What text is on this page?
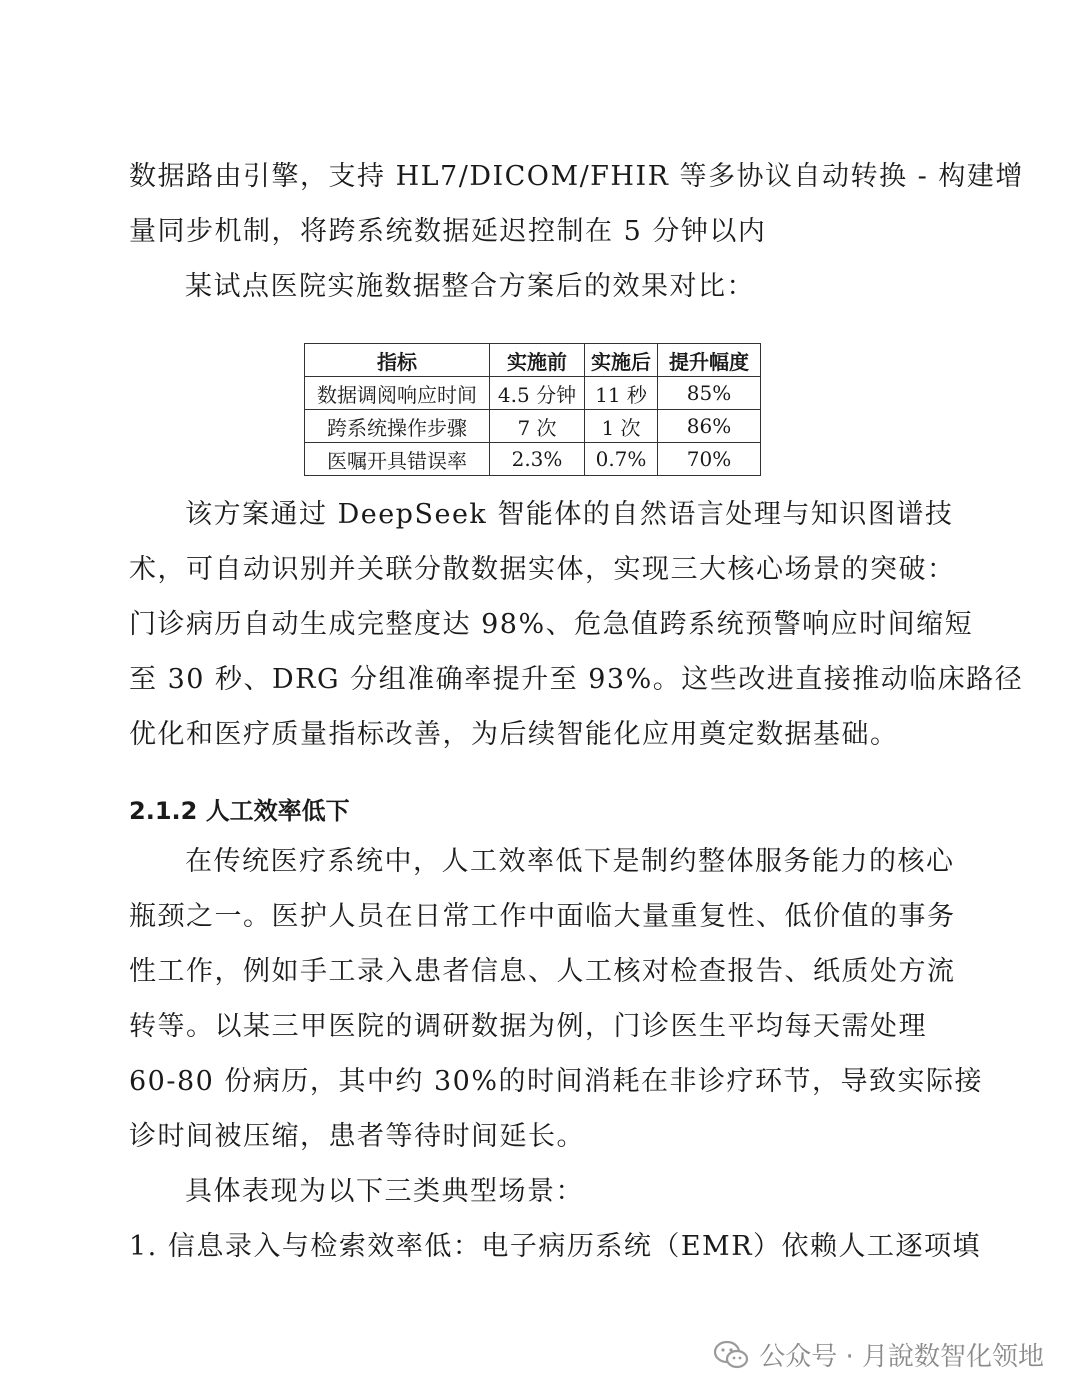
数据路由引擎，支持 HL7/DICOM/FHIR 等多协议自动转换 - 构建增
量同步机制，将跨系统数据延迟控制在 5 分钟以内
某试点医院实施数据整合方案后的效果对比：
指标	实施前	实施后	提升幅度
数据调阅响应时间	4.5 分钟	11 秒	85%
跨系统操作步骤	7 次	1 次	86%
医嘱开具错误率	2.3%	0.7%	70%
该方案通过 DeepSeek 智能体的自然语言处理与知识图谱技
术，可自动识别并关联分散数据实体，实现三大核心场景的突破：
门诊病历自动生成完整度达 98%、危急值跨系统预警响应时间缩短
至 30 秒、DRG 分组准确率提升至 93%。这些改进直接推动临床路径
优化和医疗质量指标改善，为后续智能化应用奠定数据基础。
2.1.2 人工效率低下
在传统医疗系统中，人工效率低下是制约整体服务能力的核心
瓶颈之一。医护人员在日常工作中面临大量重复性、低价值的事务
性工作，例如手工录入患者信息、人工核对检查报告、纸质处方流
转等。以某三甲医院的调研数据为例，门诊医生平均每天需处理
60-80 份病历，其中约 30%的时间消耗在非诊疗环节，导致实际接
诊时间被压缩，患者等待时间延长。
具体表现为以下三类典型场景：
1. 信息录入与检索效率低：电子病历系统（EMR）依赖人工逐项填
公众号 · 月說数智化领地
